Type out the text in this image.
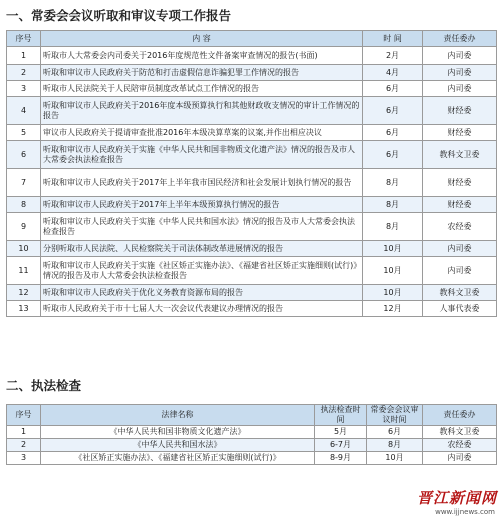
一、常委会会议听取和审议专项工作报告
序号	内 容	时 间	责任委办
1	听取市人大常委会内司委关于2016年度规范性文件备案审查情况的报告(书面)	2月	内司委
2	听取和审议市人民政府关于防范和打击虚假信息诈骗犯罪工作情况的报告	4月	内司委
3	听取市人民法院关于人民陪审员制度改革试点工作情况的报告	6月	内司委
4	听取和审议市人民政府关于2016年度本级预算执行和其他财政收支情况的审计工作情况的报告	6月	财经委
5	审议市人民政府关于提请审查批准2016年本级决算草案的议案,并作出相应决议	6月	财经委
6	听取和审议市人民政府关于实施《中华人民共和国非物质文化遗产法》情况的报告及市人大常委会执法检查报告	6月	教科文卫委
7	听取和审议市人民政府关于2017年上半年我市国民经济和社会发展计划执行情况的报告	8月	财经委
8	听取和审议市人民政府关于2017年上半年本级预算执行情况的报告	8月	财经委
9	听取和审议市人民政府关于实施《中华人民共和国水法》情况的报告及市人大常委会执法检查报告	8月	农经委
10	分别听取市人民法院、人民检察院关于司法体制改革进展情况的报告	10月	内司委
11	听取和审议市人民政府关于实施《社区矫正实施办法》、《福建省社区矫正实施细则(试行)》情况的报告及市人大常委会执法检查报告	10月	内司委
12	听取和审议市人民政府关于优化义务教育资源布局的报告	10月	教科文卫委
13	听取市人民政府关于市十七届人大一次会议代表建议办理情况的报告	12月	人事代表委
二、执法检查
序号	法律名称	执法检查时间	常委会会议审议时间	责任委办
1	《中华人民共和国非物质文化遗产法》	5月	6月	教科文卫委
2	《中华人民共和国水法》	6-7月	8月	农经委
3	《社区矫正实施办法》、《福建省社区矫正实施细则(试行)》	8-9月	10月	内司委
晋江新闻网
www.ijjnews.com
